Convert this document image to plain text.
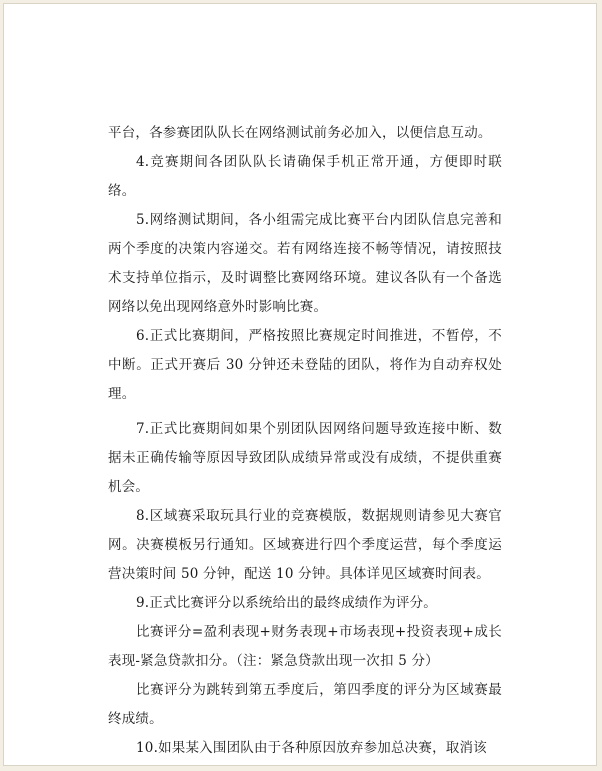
平台，各参赛团队队长在网络测试前务必加入，以便信息互动。

4.竞赛期间各团队队长请确保手机正常开通，方便即时联络。

5.网络测试期间，各小组需完成比赛平台内团队信息完善和两个季度的决策内容递交。若有网络连接不畅等情况，请按照技术支持单位指示，及时调整比赛网络环境。建议各队有一个备选网络以免出现网络意外时影响比赛。

6.正式比赛期间，严格按照比赛规定时间推进，不暂停，不中断。正式开赛后 30 分钟还未登陆的团队，将作为自动弃权处理。

7.正式比赛期间如果个别团队因网络问题导致连接中断、数据未正确传输等原因导致团队成绩异常或没有成绩，不提供重赛机会。

8.区域赛采取玩具行业的竞赛模版，数据规则请参见大赛官网。决赛模板另行通知。区域赛进行四个季度运营，每个季度运营决策时间 50 分钟，配送 10 分钟。具体详见区域赛时间表。

9.正式比赛评分以系统给出的最终成绩作为评分。

比赛评分=盈利表现+财务表现+市场表现+投资表现+成长表现-紧急贷款扣分。（注：紧急贷款出现一次扣 5 分）

比赛评分为跳转到第五季度后，第四季度的评分为区域赛最终成绩。

10.如果某入围团队由于各种原因放弃参加总决赛，取消该
